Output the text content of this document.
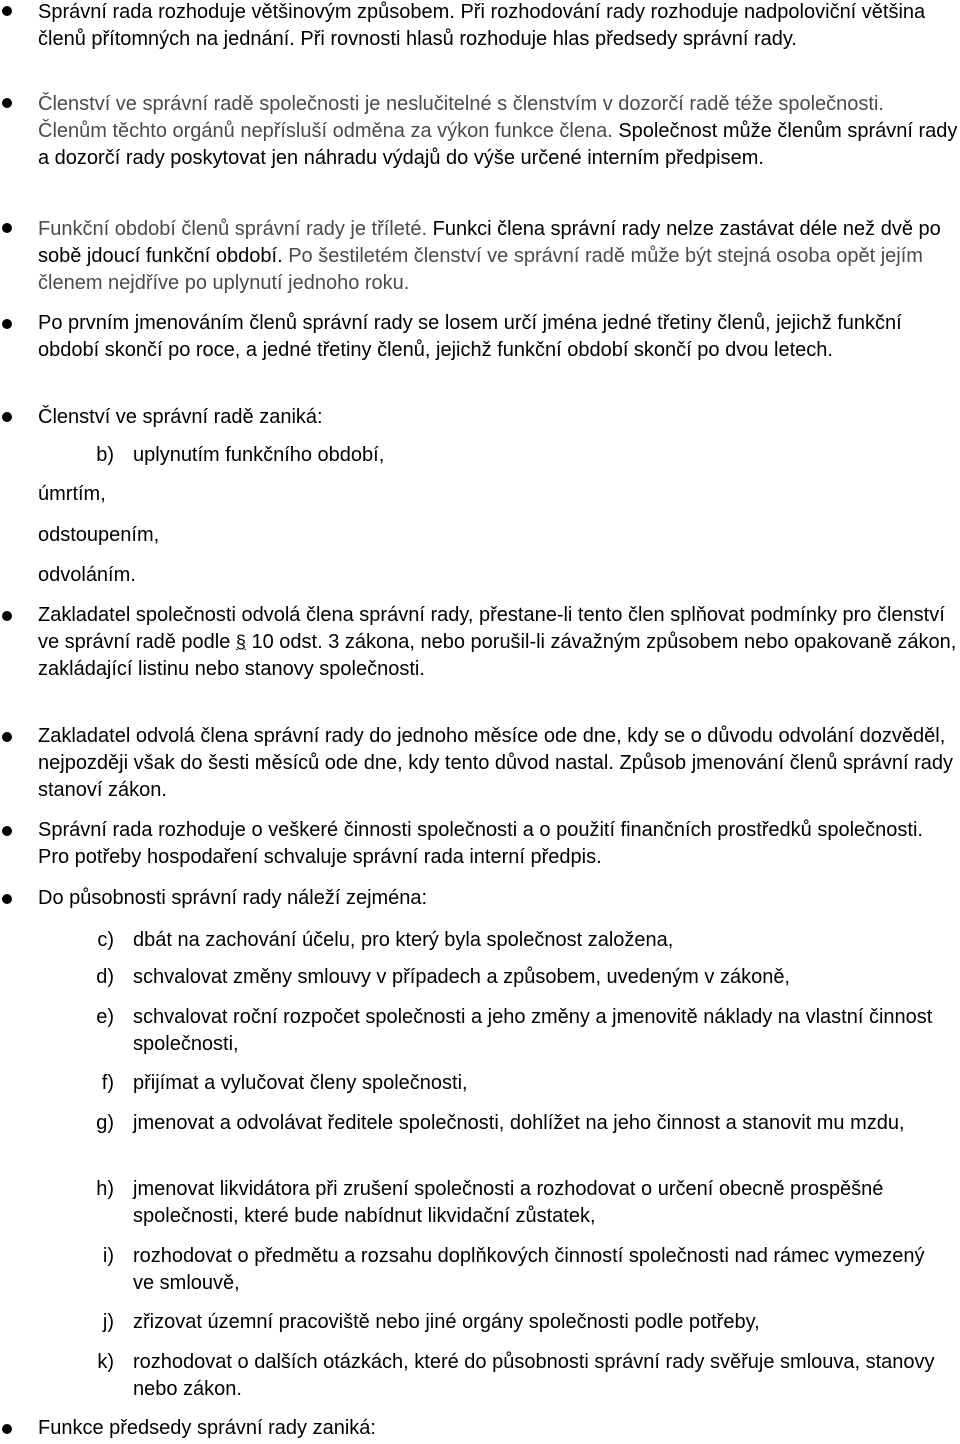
Správní rada rozhoduje většinovým způsobem. Při rozhodování rady rozhoduje nadpoloviční většina členů přítomných na jednání. Při rovnosti hlasů rozhoduje hlas předsedy správní rady.
Členství ve správní radě společnosti je neslučitelné s členstvím v dozorčí radě téže společnosti. Členům těchto orgánů nepřísluší odměna za výkon funkce člena. Společnost může členům správní rady a dozorčí rady poskytovat jen náhradu výdajů do výše určené interním předpisem.
Funkční období členů správní rady je tříleté. Funkci člena správní rady nelze zastávat déle než dvě po sobě jdoucí funkční období. Po šestiletém členství ve správní radě může být stejná osoba opět jejím členem nejdříve po uplynutí jednoho roku.
Po prvním jmenováním členů správní rady se losem určí jména jedné třetiny členů, jejichž funkční období skončí po roce, a jedné třetiny členů, jejichž funkční období skončí po dvou letech.
Členství ve správní radě zaniká:
b) uplynutím funkčního období,
úmrtím,
odstoupením,
odvoláním.
Zakladatel společnosti odvolá člena správní rady, přestane-li tento člen splňovat podmínky pro členství ve správní radě podle § 10 odst. 3 zákona, nebo porušil-li závažným způsobem nebo opakovaně zákon, zakládající listinu nebo stanovy společnosti.
Zakladatel odvolá člena správní rady do jednoho měsíce ode dne, kdy se o důvodu odvolání dozvěděl, nejpozději však do šesti měsíců ode dne, kdy tento důvod nastal. Způsob jmenování členů správní rady stanoví zákon.
Správní rada rozhoduje o veškeré činnosti společnosti a o použití finančních prostředků společnosti. Pro potřeby hospodaření schvaluje správní rada interní předpis.
Do působnosti správní rady náleží zejména:
c) dbát na zachování účelu, pro který byla společnost založena,
d) schvalovat změny smlouvy v případech a způsobem, uvedeným v zákoně,
e) schvalovat roční rozpočet společnosti a jeho změny a jmenovitě náklady na vlastní činnost společnosti,
f) přijímat a vylučovat členy společnosti,
g) jmenovat a odvolávat ředitele společnosti, dohlížet na jeho činnost a stanovit mu mzdu,
h) jmenovat likvidátora při zrušení společnosti a rozhodovat o určení obecně prospěšné společnosti, které bude nabídnut likvidační zůstatek,
i) rozhodovat o předmětu a rozsahu doplňkových činností společnosti nad rámec vymezený ve smlouvě,
j) zřizovat územní pracoviště nebo jiné orgány společnosti podle potřeby,
k) rozhodovat o dalších otázkách, které do působnosti správní rady svěřuje smlouva, stanovy nebo zákon.
Funkce předsedy správní rady zaniká:
